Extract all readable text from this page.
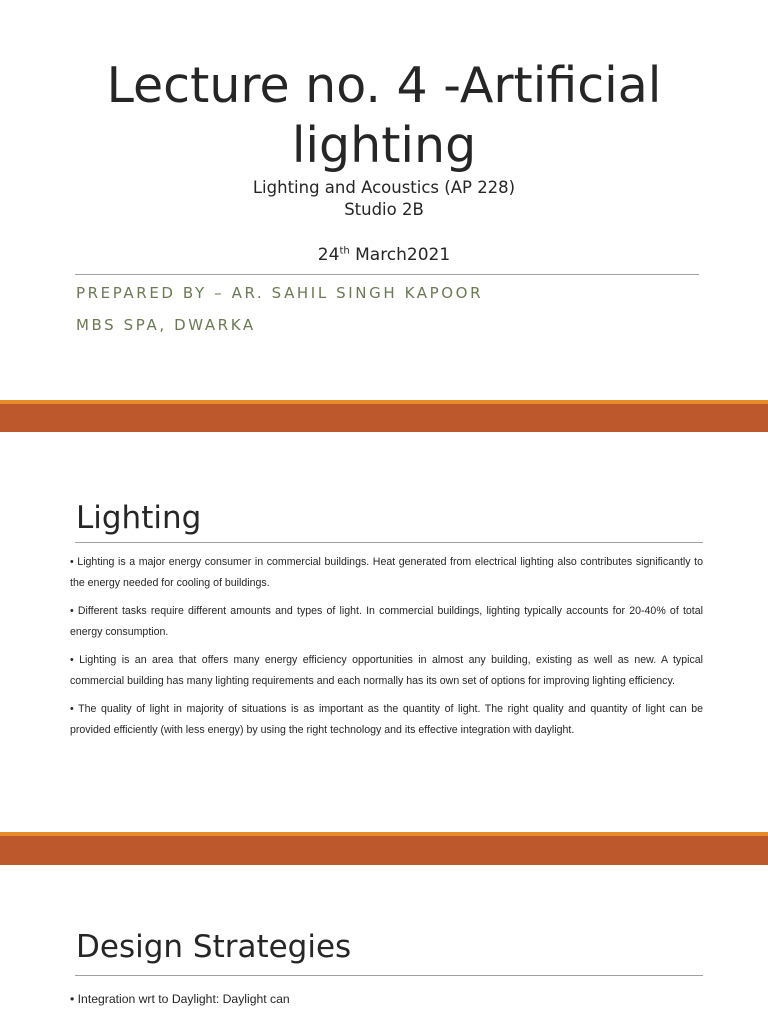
Lecture no. 4 -Artificial lighting
Lighting and Acoustics (AP 228)
Studio 2B
24th March2021
PREPARED BY – AR. SAHIL SINGH KAPOOR
MBS SPA, DWARKA
Lighting

• Lighting is a major energy consumer in commercial buildings. Heat generated from electrical lighting also contributes significantly to the energy needed for cooling of buildings.

• Different tasks require different amounts and types of light. In commercial buildings, lighting typically accounts for 20-40% of total energy consumption.

• Lighting is an area that offers many energy efficiency opportunities in almost any building, existing as well as new. A typical commercial building has many lighting requirements and each normally has its own set of options for improving lighting efficiency.

• The quality of light in majority of situations is as important as the quantity of light. The right quality and quantity of light can be provided efficiently (with less energy) by using the right technology and its effective integration with daylight.

Design Strategies
• Integration wrt to Daylight: Daylight can
